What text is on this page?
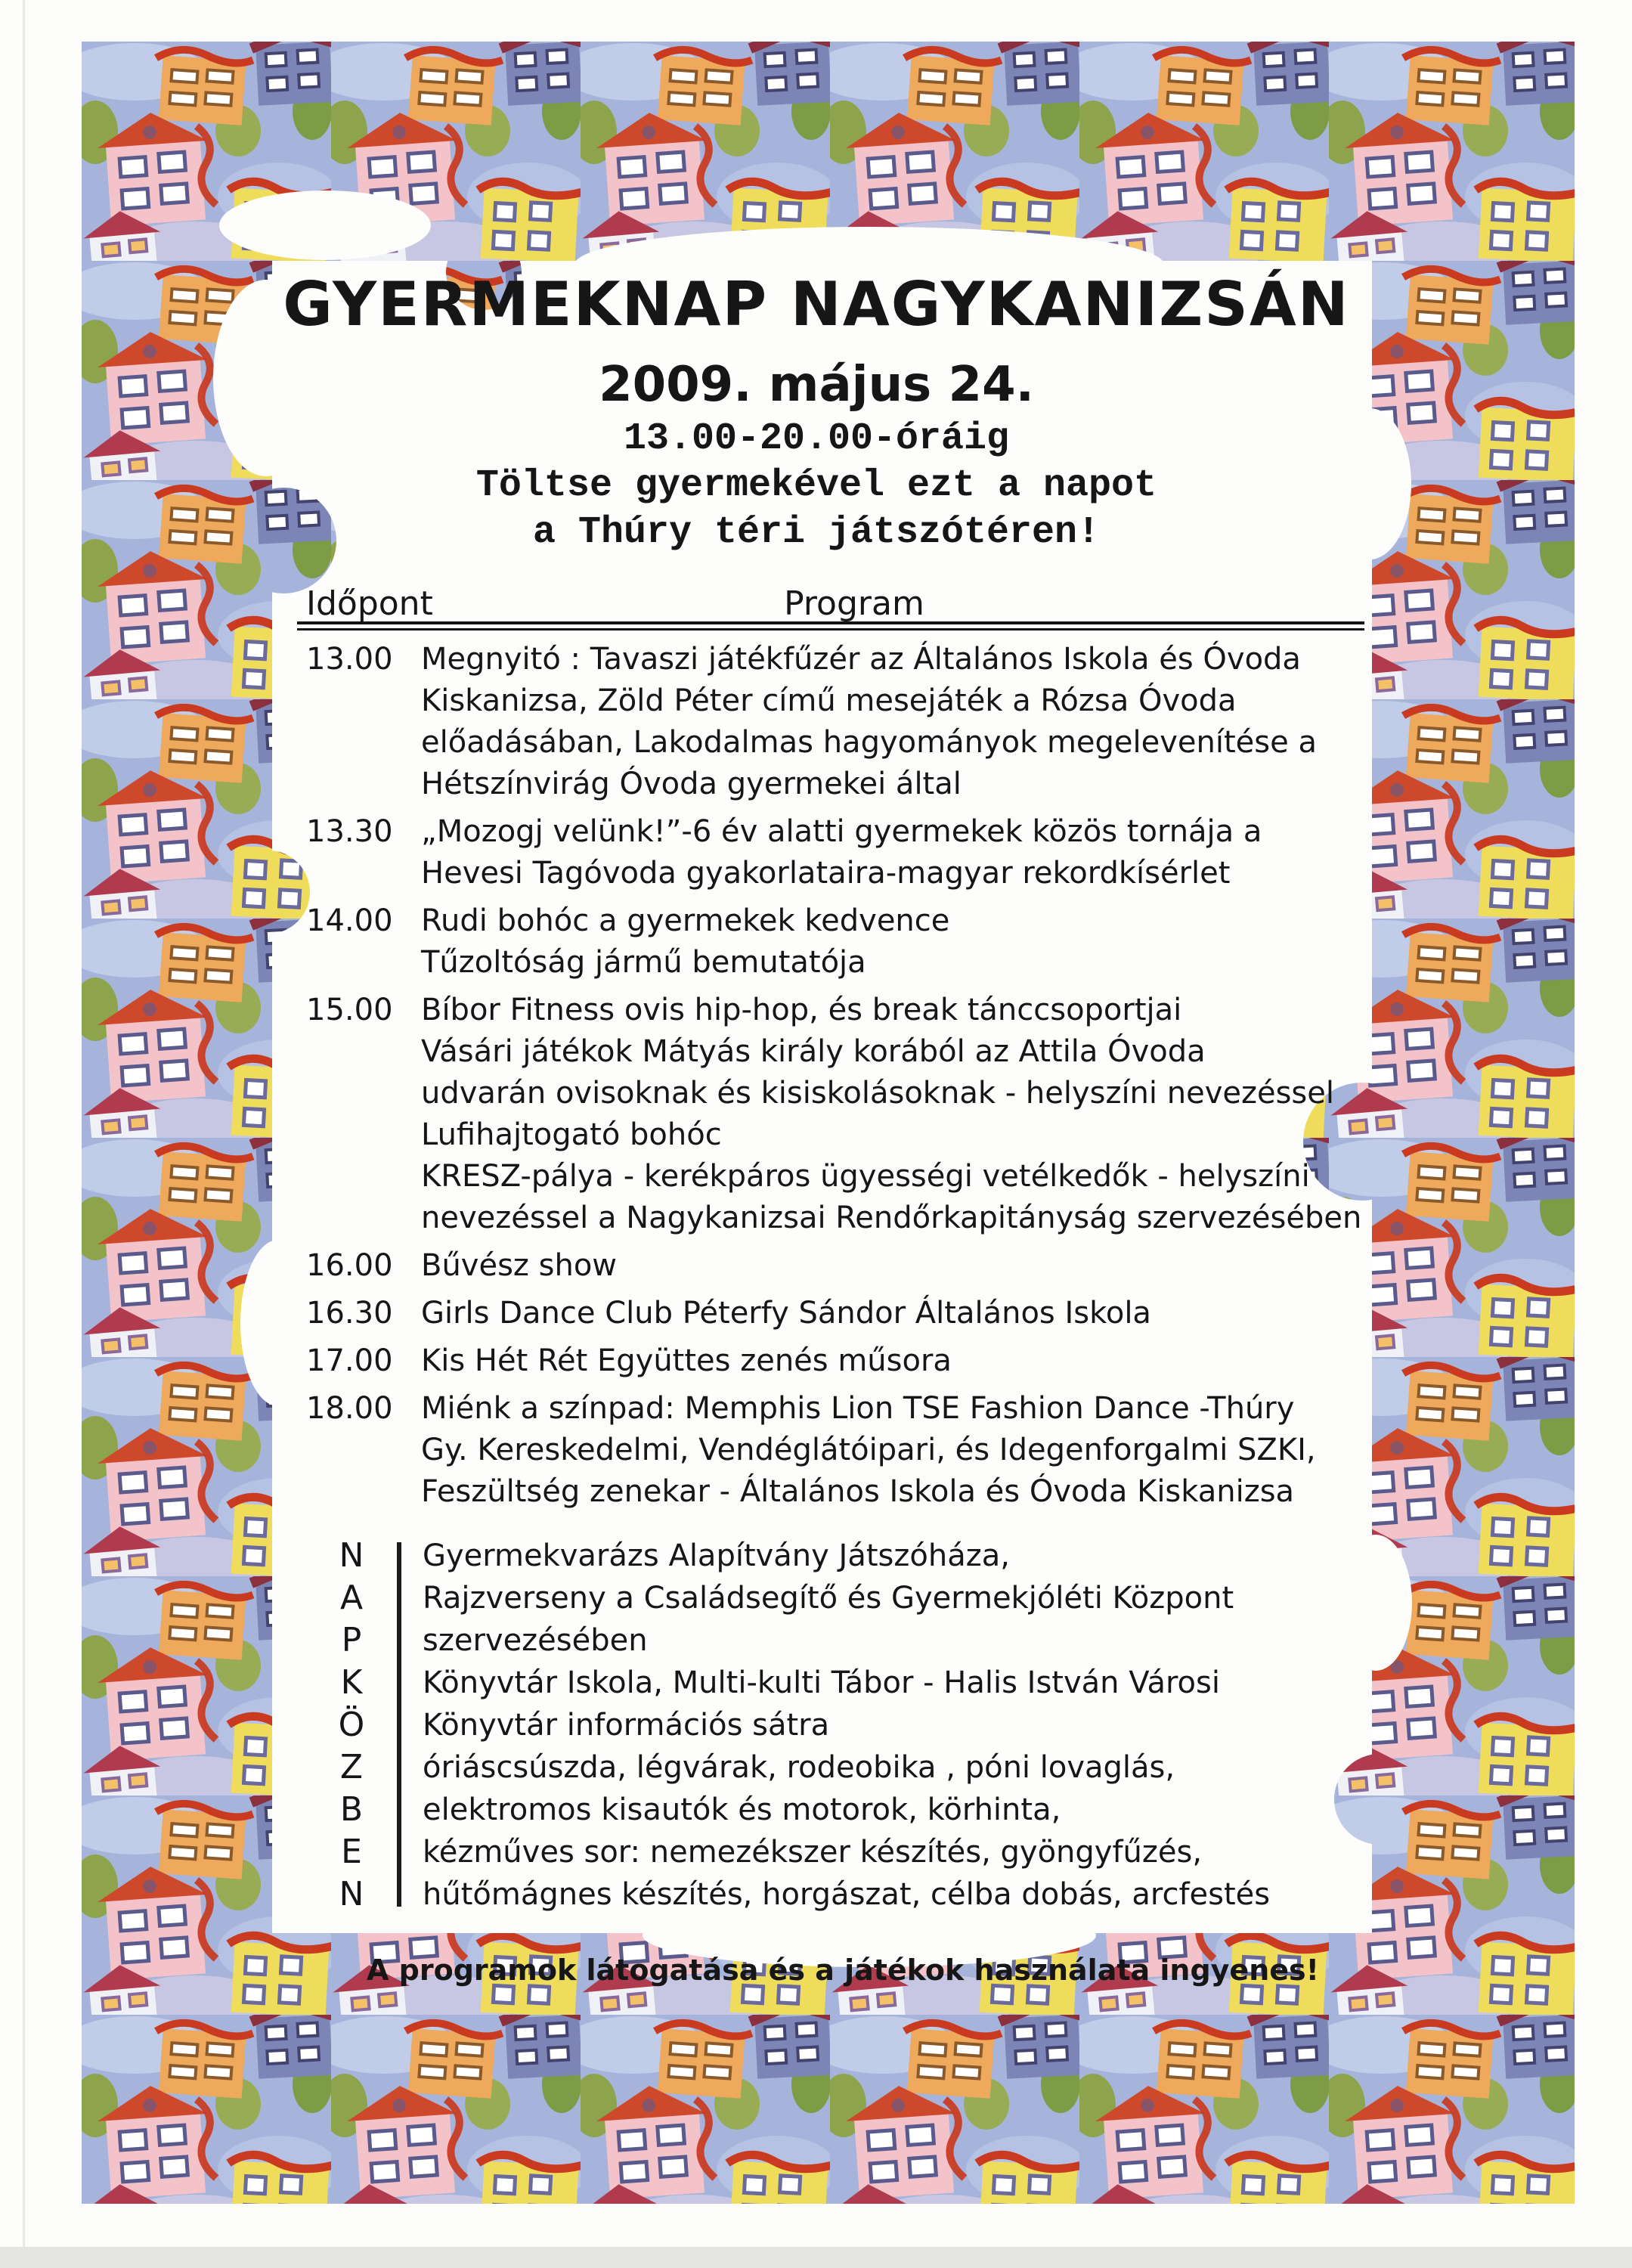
GYERMEKNAP NAGYKANIZSÁN
2009. május 24.
13.00-20.00-óráig
Töltse gyermekével ezt a napot
a Thúry téri játszótéren!
Időpont	Program
13.00 Megnyitó : Tavaszi játékfűzér az Általános Iskola és Óvoda
Kiskanizsa, Zöld Péter című mesejáték a Rózsa Óvoda
előadásában, Lakodalmas hagyományok megelevenítése a
Hétszínvirág Óvoda gyermekei által
13.30 „Mozogj velünk!”-6 év alatti gyermekek közös tornája a
Hevesi Tagóvoda gyakorlataira-magyar rekordkísérlet
14.00 Rudi bohóc a gyermekek kedvence
Tűzoltóság jármű bemutatója
15.00 Bíbor Fitness ovis hip-hop, és break tánccsoportjai
Vásári játékok Mátyás király korából az Attila Óvoda
udvarán ovisoknak és kisiskolásoknak - helyszíni nevezéssel
Lufihajtogató bohóc
KRESZ-pálya - kerékpáros ügyességi vetélkedők - helyszíni
nevezéssel a Nagykanizsai Rendőrkapitányság szervezésében
16.00 Bűvész show
16.30 Girls Dance Club Péterfy Sándor Általános Iskola
17.00 Kis Hét Rét Együttes zenés műsora
18.00 Miénk a színpad: Memphis Lion TSE Fashion Dance -Thúry
Gy. Kereskedelmi, Vendéglátóipari, és Idegenforgalmi SZKI,
Feszültség zenekar - Általános Iskola és Óvoda Kiskanizsa
N
A
P
K
Ö
Z
B
E
N
Gyermekvarázs Alapítvány Játszóháza,
Rajzverseny a Családsegítő és Gyermekjóléti Központ
szervezésében
Könyvtár Iskola, Multi-kulti Tábor - Halis István Városi
Könyvtár információs sátra
óriáscsúszda, légvárak, rodeobika , póni lovaglás,
elektromos kisautók és motorok, körhinta,
kézműves sor: nemezékszer készítés, gyöngyfűzés,
hűtőmágnes készítés, horgászat, célba dobás, arcfestés
A programok látogatása és a játékok használata ingyenes!
